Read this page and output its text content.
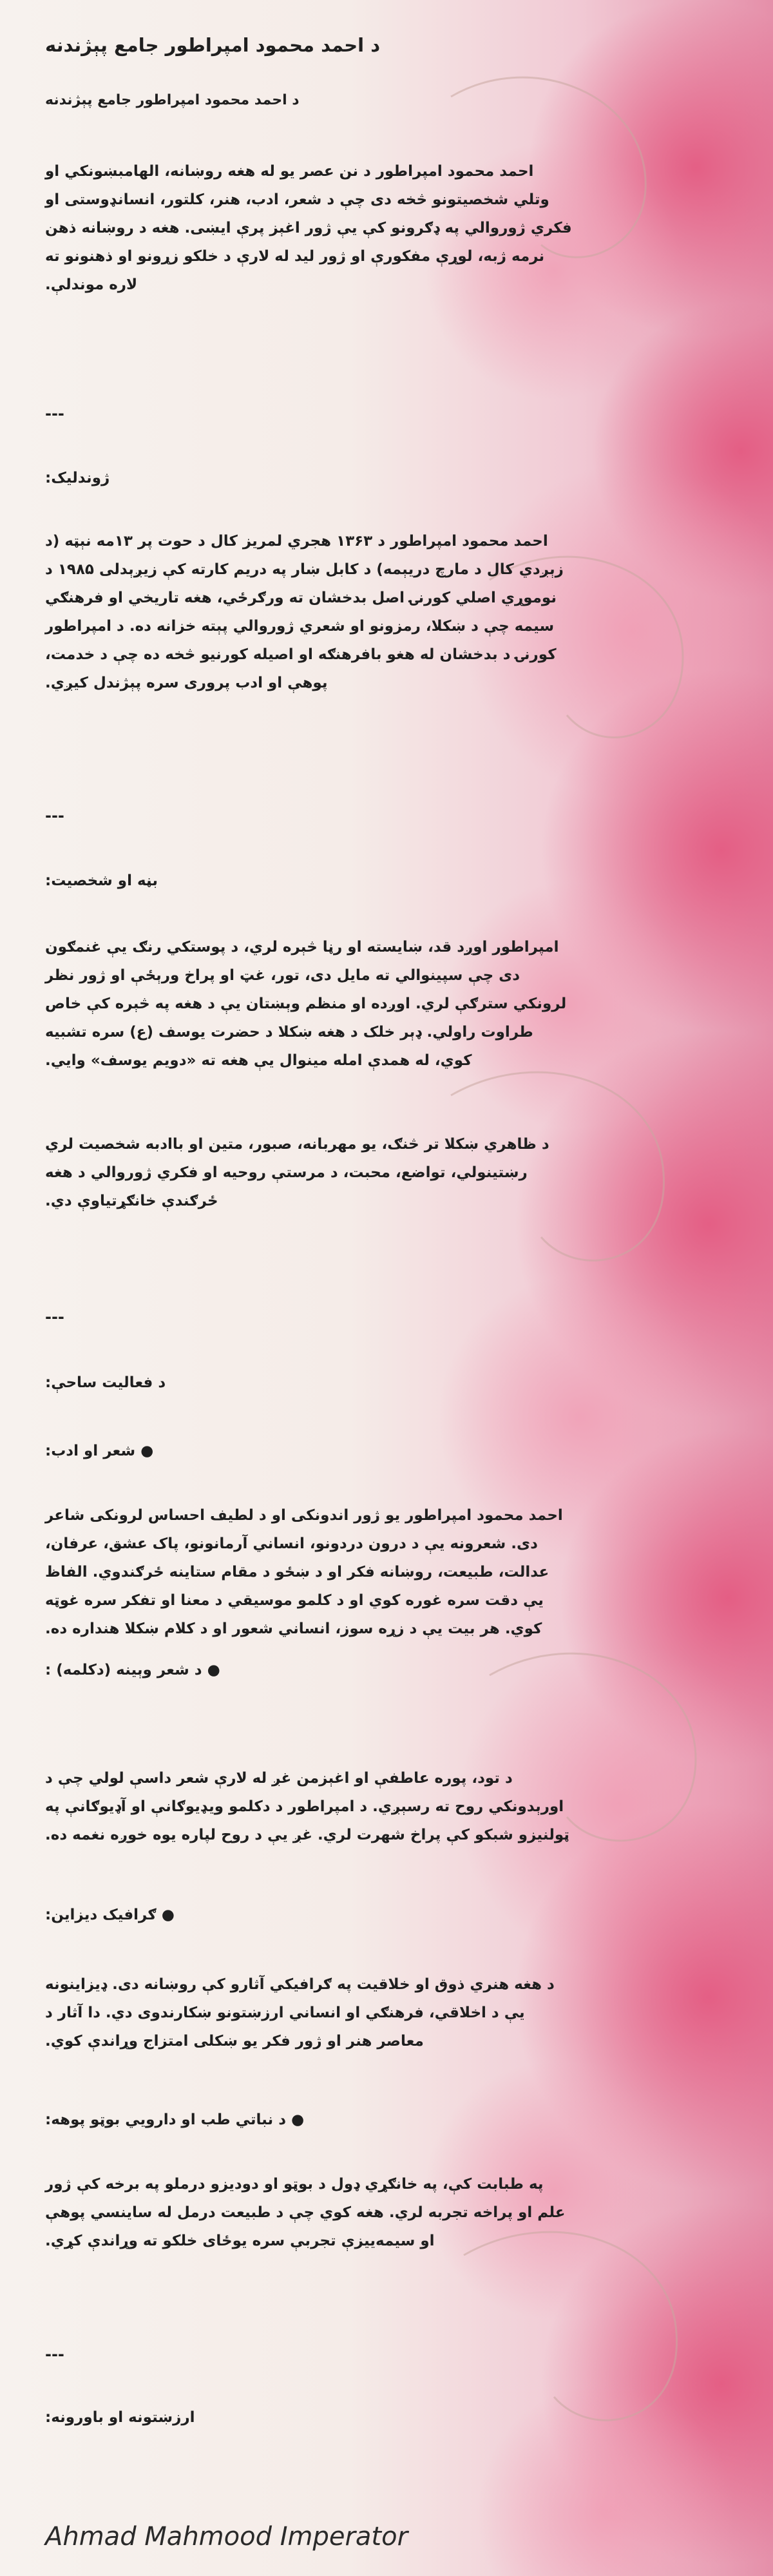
د احمد محمود امپراطور جامع پېژندنه
د احمد محمود امپراطور جامع پېژندنه
احمد محمود امپراطور د نن عصر یو له هغه روښانه، الهامبښونکي او وتلي شخصیتونو څخه دی چې د شعر، ادب، هنر، کلتور، انسانډوستی او فکري ژوروالي په ډګرونو کې یې ژور اغېز پرې ایښی. هغه د روښانه ذهن نرمه ژبه، لوړې مفکورې او ژور لید له لارې د خلکو زړونو او ذهنونو ته لاره موندلې.
---
ژوندلیک:
احمد محمود امپراطور د ۱۳۶۳ هجري لمریز کال د حوت پر ۱۳مه نېټه (د زېږدي کال د مارچ دریېمه) د کابل ښار په دریم کارته کې زیږېدلی ۱۹۸۵ د نوموړي اصلي کورنۍ اصل بدخشان ته ورګرځي، هغه تاریخي او فرهنګي سیمه چې د ښکلا، رمزونو او شعري ژوروالي پېته خزانه ده. د امپراطور کورنۍ د بدخشان له هغو بافرهنګه او اصیله کورنیو څخه ده چې د خدمت، پوهې او ادب پروری سره پېژندل کیږي.
---
بڼه او شخصیت:
امپراطور اوږد قد، ښایسته او رڼا څېره لري، د پوستکي رنګ یې غنمګون دی چې سپینوالي ته مایل دی، تور، غټ او پراخ ورېځې او ژور نظر لرونکي سترګې لري. اوږده او منظم وېښتان یې د هغه په څېره کې خاص طراوت راولي. ډېر خلک د هغه ښکلا د حضرت یوسف (ع) سره تشبیه کوي، له همدې امله مینوال یې هغه ته «دویم یوسف» وایي.
د ظاهري ښکلا تر څنګ، یو مهربانه، صبور، متین او باادبه شخصیت لري رښتینولي، تواضع، محبت، د مرستې روحیه او فکري ژوروالي د هغه ځرګندې خانګړتیاوې دي.
---
د فعالیت ساحې:
● شعر او ادب:
احمد محمود امپراطور یو ژور اندونکی او د لطیف احساس لرونکی شاعر دی. شعرونه یې د درون دردونو، انساني آرمانونو، پاک عشق، عرفان، عدالت، طبیعت، روښانه فکر او د ښځو د مقام ستاینه ځرګندوي. الفاظ یې دقت سره غوره کوي او د کلمو موسیقي د معنا او تفکر سره غوټه کوي. هر بیت یې د زړه سوز، انساني شعور او د کلام ښکلا هنداره ده.
● د شعر وېینه (دکلمه) :
د تود، پوره عاطفې او اغېزمن غږ له لارې شعر داسې لولي چې د اورېدونکي روح ته رسېږي. د امپراطور د دکلمو ویډیوګانې او آډیوګانې په ټولنیزو شبکو کې پراخ شهرت لري. غږ یې د روح لپاره یوه خوږه نغمه ده.
● ګرافیک دیزاین:
د هغه هنري ذوق او خلاقیت په ګرافیکي آثارو کې روښانه دی. ډیزاینونه یې د اخلاقي، فرهنګي او انساني ارزښتونو ښکارندوی دي. دا آثار د معاصر هنر او ژور فکر یو ښکلی امتزاج وړاندې کوي.
● د نباتي طب او دارويي بوټو پوهه:
په طبابت کې، په خانګړي ډول د بوټو او دودیزو درملو په برخه کې ژور علم او پراخه تجربه لري. هغه کوي چې د طبیعت درمل له ساینسي پوهې او سیمه‌ییزې تجربې سره یوځای خلکو ته وړاندې کړي.
---
ارزښتونه او باورونه:
Ahmad Mahmood Imperator
